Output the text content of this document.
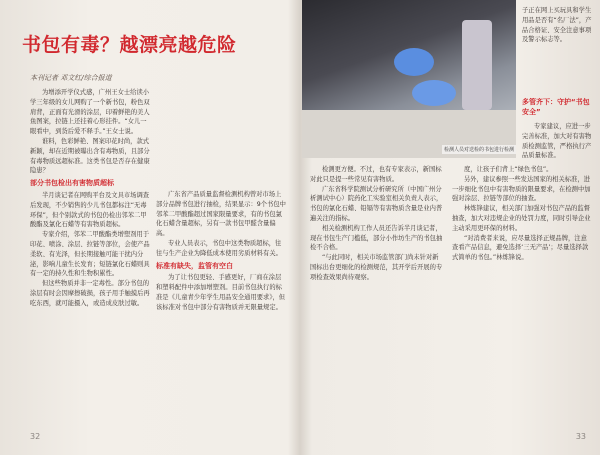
书包有毒？越漂亮越危险
本刊记者 邓文红/综合报道

为增添开学仪式感，广州王女士给读小学三年级的女儿网购了一个新书包，粉色双肩背，正面有光滑的涂层，印着鲜艳的美人鱼图案，拉链上还挂着心形挂件。“女儿一眼看中，到货后爱不释手。”王女士说。

谁料，色彩鲜艳、图案印花时尚，款式新颖，却在近期被曝出含有毒物质，且部分有毒物质远超标准。这类书包是否存在健康隐患？

部分书包检出有害物质超标

半月谈记者在网购平台及文具市场调查后发现，不少销售的少儿书包都标注“无毒环保”，但个别款式的书包仍检出邻苯二甲酸酯及氯化石蜡等有害物质超标。

专家介绍，邻苯二甲酸酯类增塑剂用于印花、喷涂、涂层、拉链等部位，会使产品柔软、有光泽，但长期接触可能干扰内分泌，影响儿童生长发育；短链氯化石蜡则具有一定的持久性和生物积累性。

但这些物质并非一定毒性。部分书包的涂层有时会因摩擦破损，孩子用手触摸后再吃东西，就可能摄入，或造成皮肤过敏。

广东省产品质量监督检测机构曾对市场上部分品牌书包进行抽检，结果显示：9个书包中邻苯二甲酸酯超过国家限量要求，有的书包氯化石蜡含量超标，另有一款书包甲醛含量偏高。

专业人员表示，书包中这类物质超标，往往与生产企业为降低成本使用劣质材料有关。

标准有缺失，监管有空白

为了让书包更轻、手感更好，厂商在涂层和塑料配件中添加增塑剂。目前书包执行的标准是《儿童青少年学生用品安全通用要求》，但该标准对书包中部分有害物质并无限量规定。

32
检测人员对送检的书包进行检测

子正在网上买玩具和学生用品是否有“名厂法”，产品合格证、安全注意事项及警示标志等。

多管齐下：守护“书包安全”

专家建议，应进一步完善标准，加大对有害物质检测监管，严格执行产品质量标准。

检测更方便。不过，也有专家表示，新国标对此只是提一些常见有害物质。

广东省科学院测试分析研究所（中国广州分析测试中心）院药化工实验室相关负责人表示，书包的氯化石蜡、铅镉等有害物质含量是业内普遍关注的指标。

相关检测机构工作人员还告诉半月谈记者，现在书包生产门槛低，部分小作坊生产的书包抽检不合格。

“与此同时，相关市场监管部门尚未针对新国标出台更细化的检测规范，其开学后开展的专项检查效果尚待观察。

度，让孩子们背上“绿色书包”。

另外，建议参照一些发达国家的相关标准，进一步细化书包中有害物质的限量要求，在检测中加强对涂层、拉链等部位的抽查。

林炼锋建议，相关部门加强对书包产品的监督抽查，加大对违规企业的处罚力度，同时引导企业主动采用更环保的材料。

“对消费者来说，应尽量选择正规品牌，注意查看产品信息，避免选择‘三无产品’；尽量选择款式简单的书包。”林炼锋说。

33
